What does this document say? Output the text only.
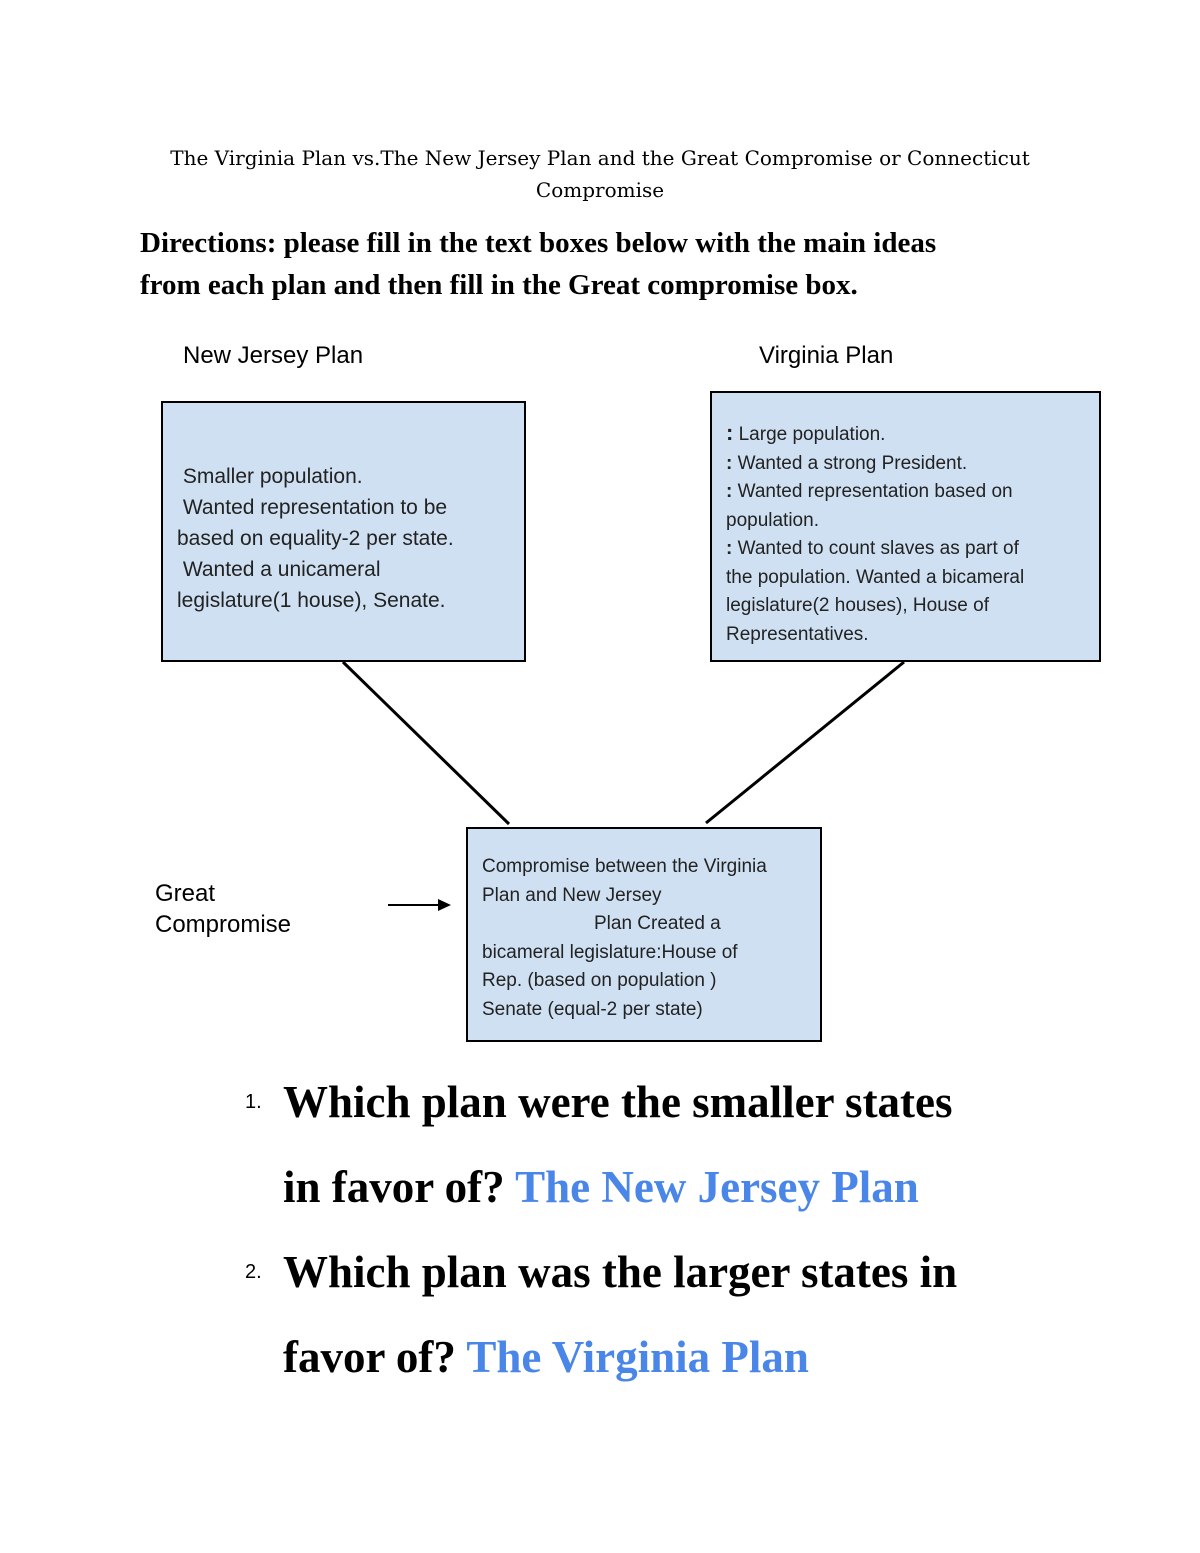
The Virginia Plan vs.The New Jersey Plan and the Great Compromise or Connecticut
Compromise
Directions: please fill in the text boxes below with the main ideas
from each plan and then fill in the Great compromise box.
New Jersey Plan	Virginia Plan
Smaller population.
Wanted representation to be
based on equality-2 per state.
Wanted a unicameral
legislature(1 house), Senate.
: Large population.
: Wanted a strong President.
: Wanted representation based on
population.
: Wanted to count slaves as part of
the population. Wanted a bicameral
legislature(2 houses), House of
Representatives.
Great
Compromise
Compromise between the Virginia
Plan and New Jersey
Plan Created a
bicameral legislature:House of
Rep. (based on population )
Senate (equal-2 per state)
1. Which plan were the smaller states
in favor of? The New Jersey Plan
2. Which plan was the larger states in
favor of? The Virginia Plan
